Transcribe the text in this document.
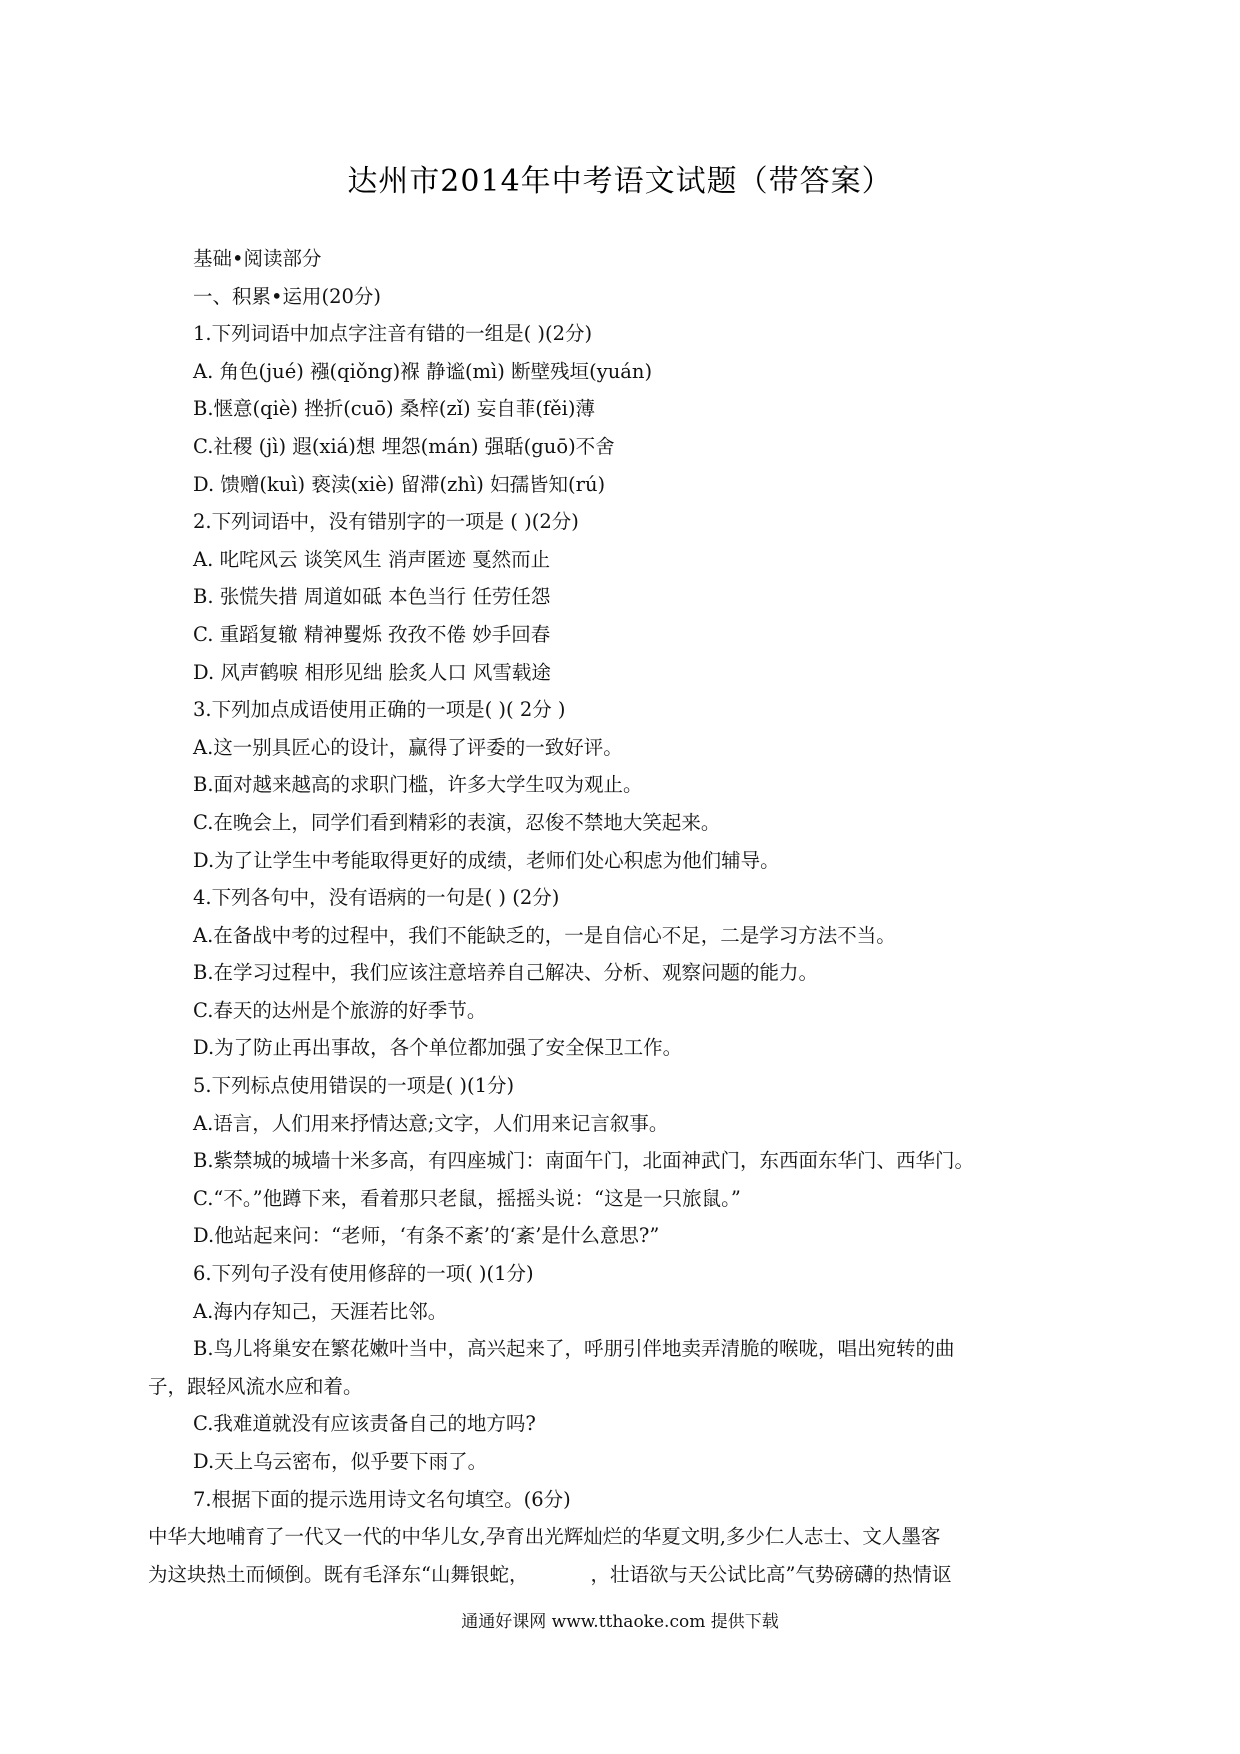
达州市2014年中考语文试题（带答案）
基础•阅读部分
一、积累•运用(20分)
1.下列词语中加点字注音有错的一组是( )(2分)
A. 角色(jué) 襁(qiǒng)褓 静谧(mì) 断壁残垣(yuán)
B.惬意(qiè) 挫折(cuō) 桑梓(zǐ) 妄自菲(fěi)薄
C.社稷 (jì) 遐(xiá)想 埋怨(mán) 强聒(guō)不舍
D. 馈赠(kuì) 亵渎(xiè) 留滞(zhì) 妇孺皆知(rú)
2.下列词语中，没有错别字的一项是 ( )(2分)
A. 叱咤风云 谈笑风生 消声匿迹 戛然而止
B. 张慌失措 周道如砥 本色当行 任劳任怨
C. 重蹈复辙 精神矍烁 孜孜不倦 妙手回春
D. 风声鹤唳 相形见绌 脍炙人口 风雪载途
3.下列加点成语使用正确的一项是( )( 2分 )
A.这一别具匠心的设计，赢得了评委的一致好评。
B.面对越来越高的求职门槛，许多大学生叹为观止。
C.在晚会上，同学们看到精彩的表演，忍俊不禁地大笑起来。
D.为了让学生中考能取得更好的成绩，老师们处心积虑为他们辅导。
4.下列各句中，没有语病的一句是( ) (2分)
A.在备战中考的过程中，我们不能缺乏的，一是自信心不足，二是学习方法不当。
B.在学习过程中，我们应该注意培养自己解决、分析、观察问题的能力。
C.春天的达州是个旅游的好季节。
D.为了防止再出事故，各个单位都加强了安全保卫工作。
5.下列标点使用错误的一项是( )(1分)
A.语言，人们用来抒情达意;文字，人们用来记言叙事。
B.紫禁城的城墙十米多高，有四座城门：南面午门，北面神武门，东西面东华门、西华门。
C.“不。”他蹲下来，看着那只老鼠，摇摇头说：“这是一只旅鼠。”
D.他站起来问：“老师，‘有条不紊’的‘紊’是什么意思?”
6.下列句子没有使用修辞的一项( )(1分)
A.海内存知己，天涯若比邻。
B.鸟儿将巢安在繁花嫩叶当中，高兴起来了，呼朋引伴地卖弄清脆的喉咙，唱出宛转的曲
子，跟轻风流水应和着。
C.我难道就没有应该责备自己的地方吗?
D.天上乌云密布，似乎要下雨了。
7.根据下面的提示选用诗文名句填空。(6分)
中华大地哺育了一代又一代的中华儿女,孕育出光辉灿烂的华夏文明,多少仁人志士、文人墨客
为这块热土而倾倒。既有毛泽东“山舞银蛇，          ，壮语欲与天公试比高”气势磅礴的热情讴
通通好课网 www.tthaoke.com 提供下载
